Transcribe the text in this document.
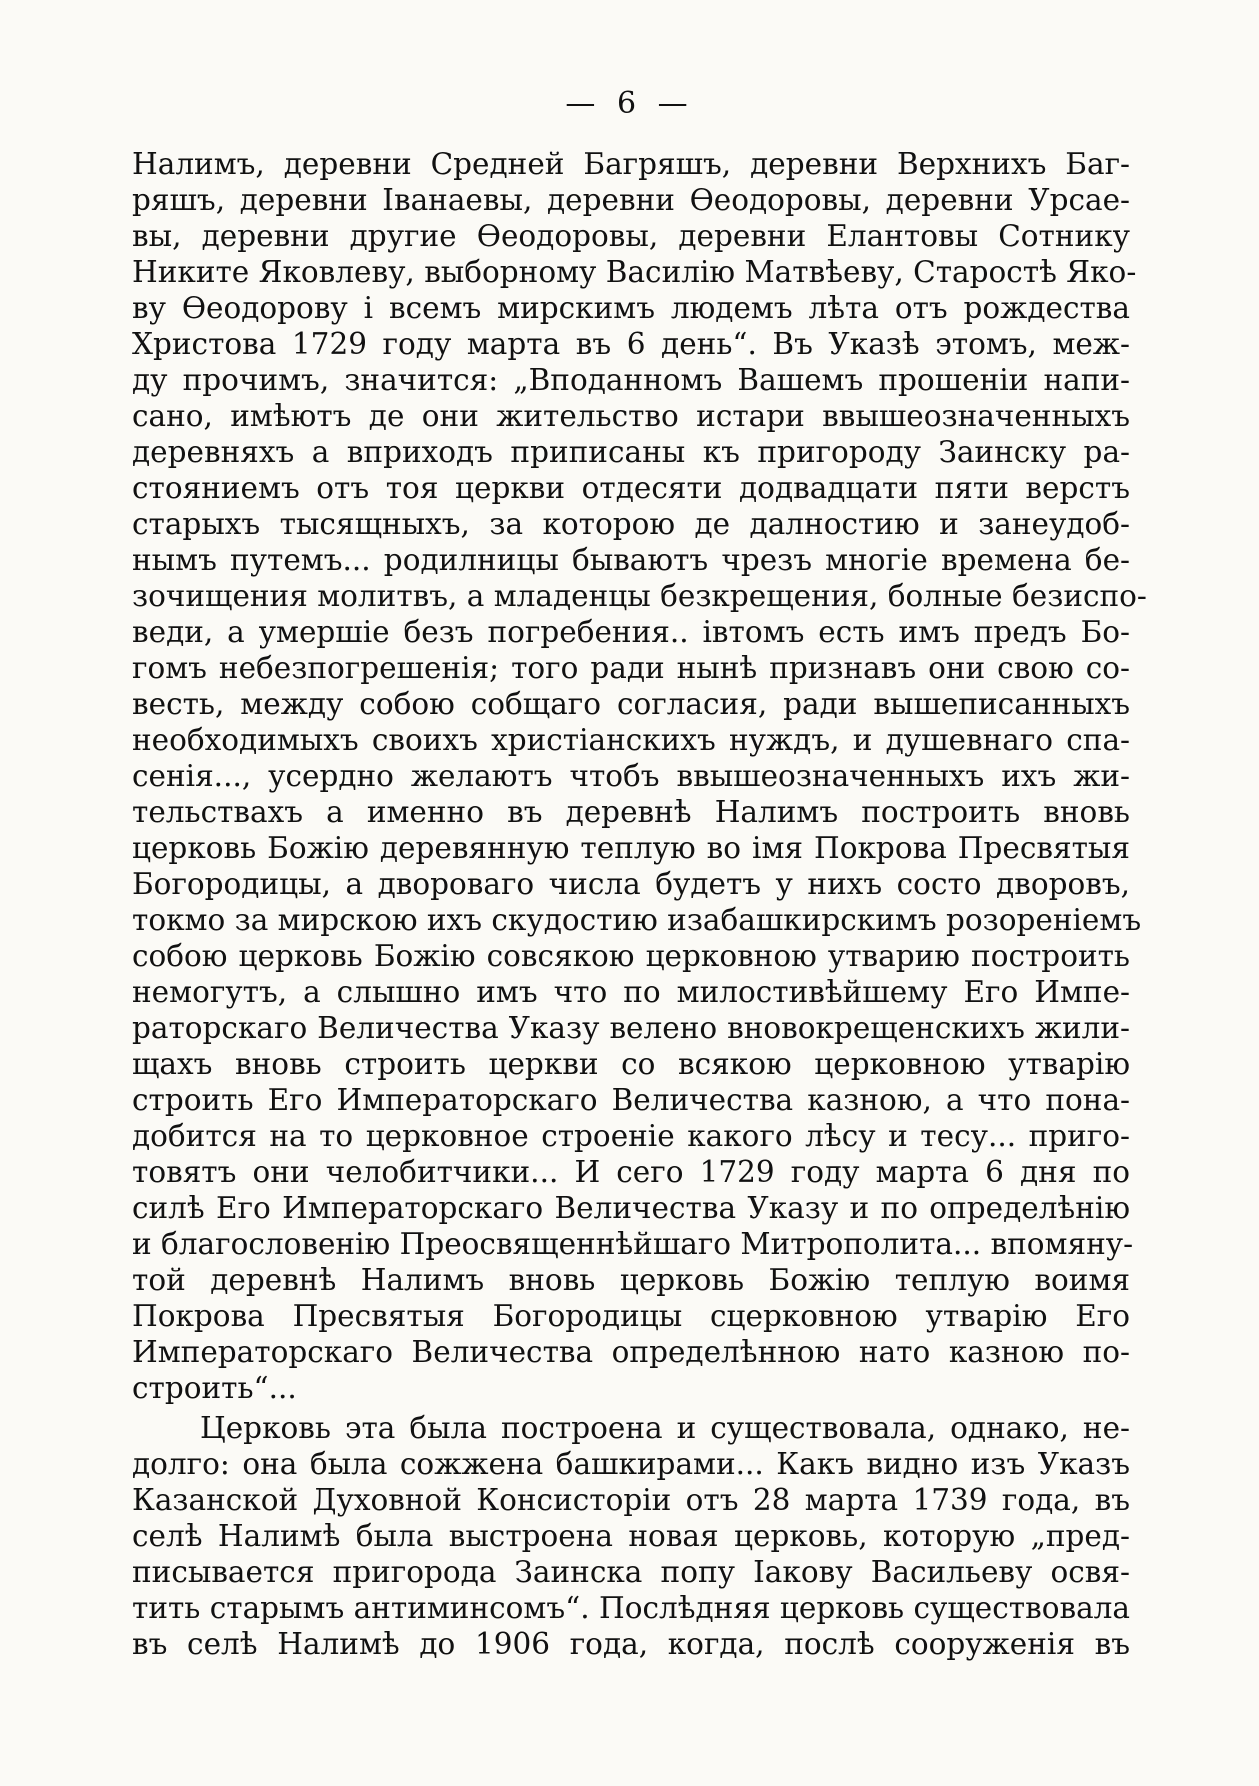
— 6 —
Налимъ, деревни Средней Багряшъ, деревни Верхнихъ Баг-
ряшъ, деревни Іванаевы, деревни Ѳеодоровы, деревни Урсае-
вы, деревни другие Ѳеодоровы, деревни Елантовы Сотнику
Никите Яковлеву, выборному Василію Матвѣеву, Старостѣ Яко-
ву Ѳеодорову і всемъ мирскимъ людемъ лѣта отъ рождества
Христова 1729 году марта въ 6 день“. Въ Указѣ этомъ, меж-
ду прочимъ, значится: „Вподанномъ Вашемъ прошеніи напи-
сано, имѣютъ де они жительство истари ввышеозначенныхъ
деревняхъ а вприходъ приписаны къ пригороду Заинску ра-
стояниемъ отъ тоя церкви отдесяти додвадцати пяти верстъ
старыхъ тысящныхъ, за которою де далностию и занеудоб-
нымъ путемъ... родилницы бываютъ чрезъ многіе времена бе-
зочищения молитвъ, а младенцы безкрещения, болные безиспо-
веди, а умершіе безъ погребения.. івтомъ есть имъ предъ Бо-
гомъ небезпогрешенія; того ради нынѣ признавъ они свою со-
весть, между собою собщаго согласия, ради вышеписанныхъ
необходимыхъ своихъ христіанскихъ нуждъ, и душевнаго спа-
сенія..., усердно желаютъ чтобъ ввышеозначенныхъ ихъ жи-
тельствахъ а именно въ деревнѣ Налимъ построить вновь
церковь Божію деревянную теплую во імя Покрова Пресвятыя
Богородицы, а двороваго числа будетъ у нихъ состо дворовъ,
токмо за мирскою ихъ скудостию изабашкирскимъ розореніемъ
собою церковь Божію совсякою церковною утварию построить
немогутъ, а слышно имъ что по милостивѣйшему Его Импе-
раторскаго Величества Указу велено вновокрещенскихъ жили-
щахъ вновь строить церкви со всякою церковною утварію
строить Его Императорскаго Величества казною, а что пона-
добится на то церковное строеніе какого лѣсу и тесу... приго-
товятъ они челобитчики... И сего 1729 году марта 6 дня по
силѣ Его Императорскаго Величества Указу и по определѣнію
и благословенію Преосвященнѣйшаго Митрополита... впомяну-
той деревнѣ Налимъ вновь церковь Божію теплую воимя
Покрова Пресвятыя Богородицы сцерковною утварію Его
Императорскаго Величества определѣнною нато казною по-
строить“...
Церковь эта была построена и существовала, однако, не-
долго: она была сожжена башкирами... Какъ видно изъ Указъ
Казанской Духовной Консисторіи отъ 28 марта 1739 года, въ
селѣ Налимѣ была выстроена новая церковь, которую „пред-
писывается пригорода Заинска попу Іакову Васильеву освя-
тить старымъ антиминсомъ“. Послѣдняя церковь существовала
въ селѣ Налимѣ до 1906 года, когда, послѣ сооруженія въ
